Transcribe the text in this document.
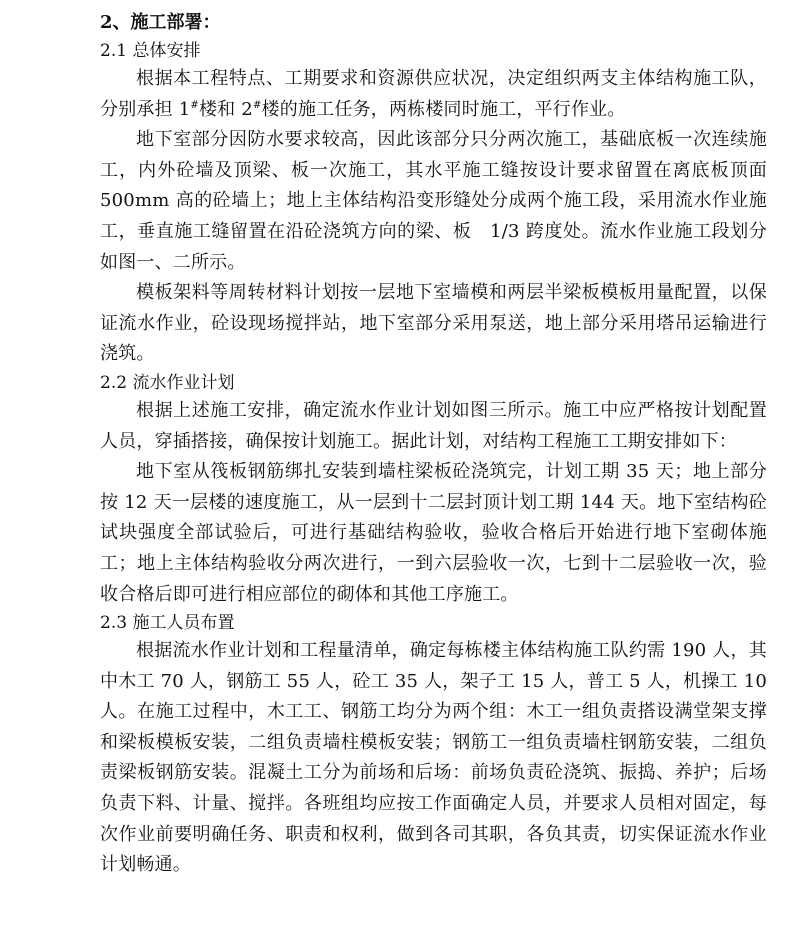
2、施工部署：
2.1 总体安排

根据本工程特点、工期要求和资源供应状况，决定组织两支主体结构施工队，分别承担 1#楼和 2#楼的施工任务，两栋楼同时施工，平行作业。

地下室部分因防水要求较高，因此该部分只分两次施工，基础底板一次连续施工，内外砼墙及顶梁、板一次施工，其水平施工缝按设计要求留置在离底板顶面 500mm 高的砼墙上；地上主体结构沿变形缝处分成两个施工段，采用流水作业施工，垂直施工缝留置在沿砼浇筑方向的梁、板　1/3 跨度处。流水作业施工段划分如图一、二所示。

模板架料等周转材料计划按一层地下室墙模和两层半梁板模板用量配置，以保证流水作业，砼设现场搅拌站，地下室部分采用泵送，地上部分采用塔吊运输进行浇筑。

2.2 流水作业计划

根据上述施工安排，确定流水作业计划如图三所示。施工中应严格按计划配置人员，穿插搭接，确保按计划施工。据此计划，对结构工程施工工期安排如下：

地下室从筏板钢筋绑扎安装到墙柱梁板砼浇筑完，计划工期 35 天；地上部分按 12 天一层楼的速度施工，从一层到十二层封顶计划工期 144 天。地下室结构砼试块强度全部试验后，可进行基础结构验收，验收合格后开始进行地下室砌体施工；地上主体结构验收分两次进行，一到六层验收一次，七到十二层验收一次，验收合格后即可进行相应部位的砌体和其他工序施工。

2.3 施工人员布置

根据流水作业计划和工程量清单，确定每栋楼主体结构施工队约需 190 人，其中木工 70 人，钢筋工 55 人，砼工 35 人，架子工 15 人，普工 5 人，机操工 10 人。在施工过程中，木工工、钢筋工均分为两个组：木工一组负责搭设满堂架支撑和梁板模板安装，二组负责墙柱模板安装；钢筋工一组负责墙柱钢筋安装，二组负责梁板钢筋安装。混凝土工分为前场和后场：前场负责砼浇筑、振捣、养护；后场负责下料、计量、搅拌。各班组均应按工作面确定人员，并要求人员相对固定，每次作业前要明确任务、职责和权利，做到各司其职，各负其责，切实保证流水作业计划畅通。
